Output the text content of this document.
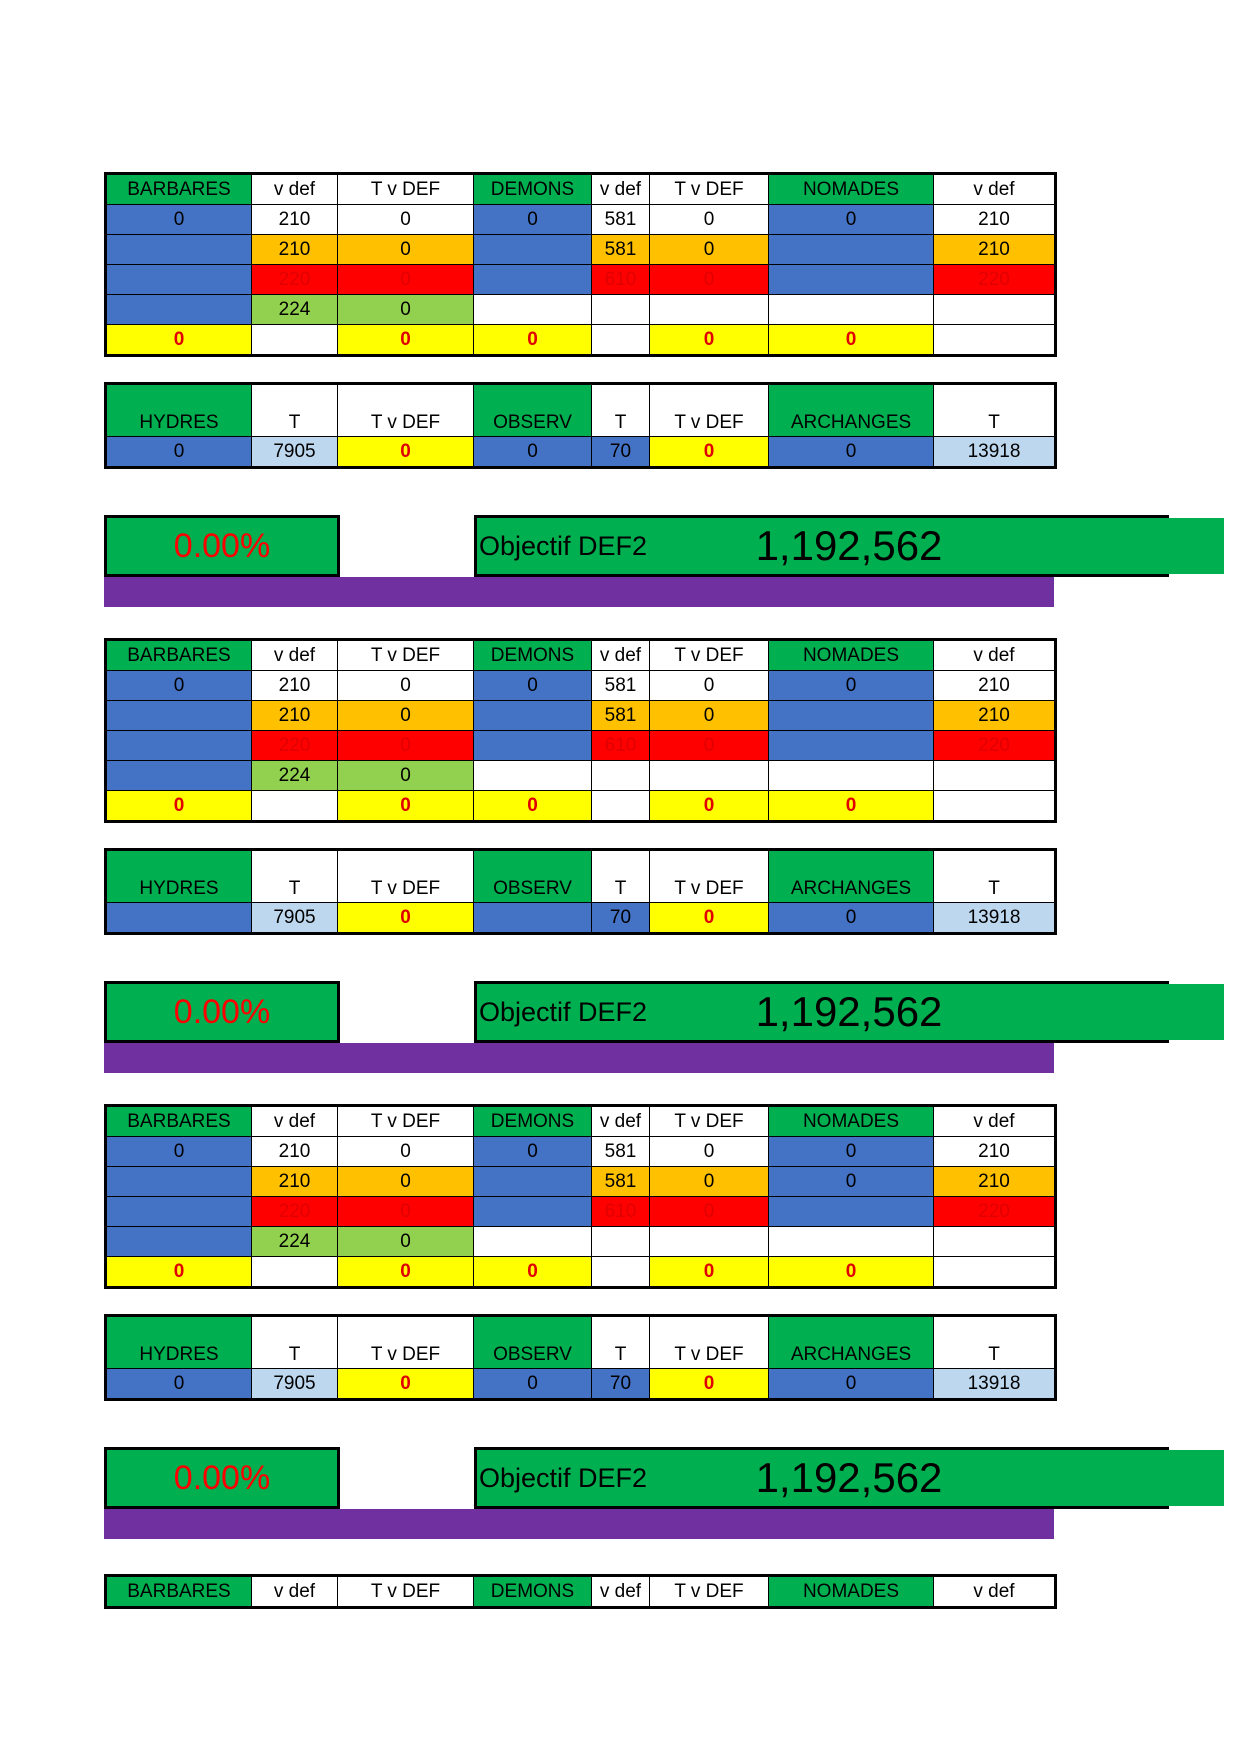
BARBARES	v def	T v DEF	DEMONS	v def	T v DEF	NOMADES	v def
0	210	0	0	581	0	0	210
	210	0		581	0		210
	220	0		610	0		220
	224	0					
0		0	0		0	0	
HYDRES	T	T v DEF	OBSERV	T	T v DEF	ARCHANGES	T
0	7905	0	0	70	0	0	13918
0.00%	Objectif DEF2	1,192,562
BARBARES	v def	T v DEF	DEMONS	v def	T v DEF	NOMADES	v def
0	210	0	0	581	0	0	210
	210	0		581	0		210
	220	0		610	0		220
	224	0					
0		0	0		0	0	
HYDRES	T	T v DEF	OBSERV	T	T v DEF	ARCHANGES	T
	7905	0		70	0	0	13918
0.00%	Objectif DEF2	1,192,562
BARBARES	v def	T v DEF	DEMONS	v def	T v DEF	NOMADES	v def
0	210	0	0	581	0	0	210
	210	0		581	0	0	210
	220	0		610	0		220
	224	0					
0		0	0		0	0	
HYDRES	T	T v DEF	OBSERV	T	T v DEF	ARCHANGES	T
0	7905	0	0	70	0	0	13918
0.00%	Objectif DEF2	1,192,562
BARBARES	v def	T v DEF	DEMONS	v def	T v DEF	NOMADES	v def
